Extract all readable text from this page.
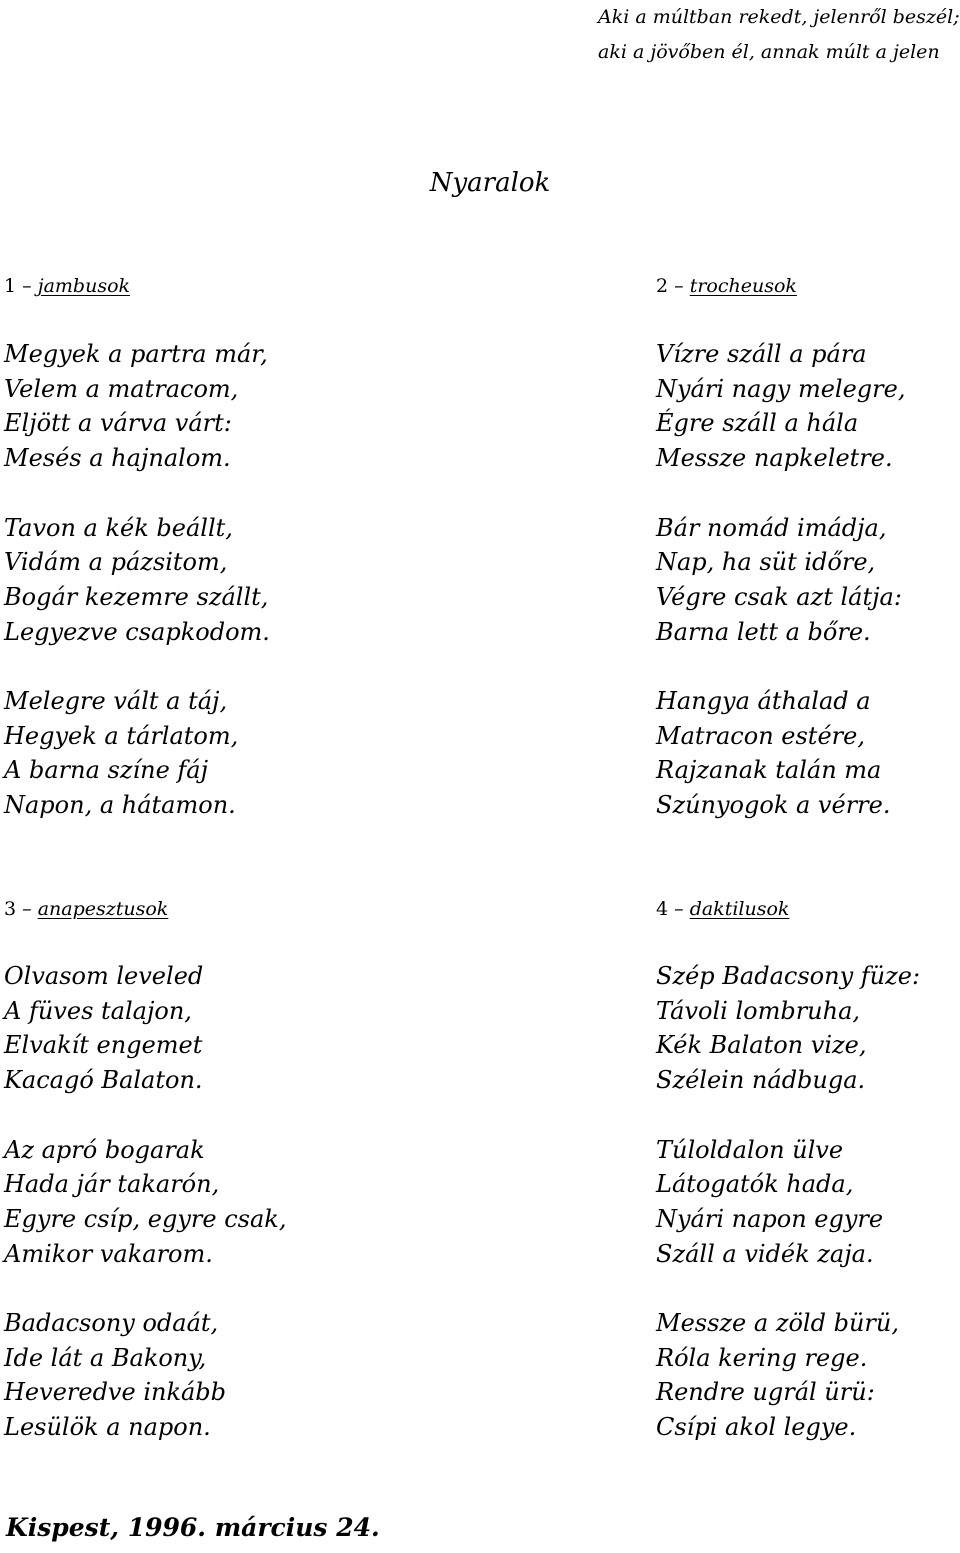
Aki a múltban rekedt, jelenről beszél;
aki a jövőben él, annak múlt a jelen
Nyaralok
1 – jambusok
Megyek a partra már,
Velem a matracom,
Eljött a várva várt:
Mesés a hajnalom.
Tavon a kék beállt,
Vidám a pázsitom,
Bogár kezemre szállt,
Legyezve csapkodom.
Melegre vált a táj,
Hegyek a tárlatom,
A barna színe fáj
Napon, a hátamon.
2 – trocheusok
Vízre száll a pára
Nyári nagy melegre,
Égre száll a hála
Messze napkeletre.
Bár nomád imádja,
Nap, ha süt időre,
Végre csak azt látja:
Barna lett a bőre.
Hangya áthalad a
Matracon estére,
Rajzanak talán ma
Szúnyogok a vérre.
3 – anapesztusok
Olvasom leveled
A füves talajon,
Elvakít engemet
Kacagó Balaton.
Az apró bogarak
Hada jár takarón,
Egyre csíp, egyre csak,
Amikor vakarom.
Badacsony odaát,
Ide lát a Bakony,
Heveredve inkább
Lesülök a napon.
4 – daktilusok
Szép Badacsony füze:
Távoli lombruha,
Kék Balaton vize,
Szélein nádbuga.
Túloldalon ülve
Látogatók hada,
Nyári napon egyre
Száll a vidék zaja.
Messze a zöld bürü,
Róla kering rege.
Rendre ugrál ürü:
Csípi akol legye.
Kispest, 1996. március 24.
